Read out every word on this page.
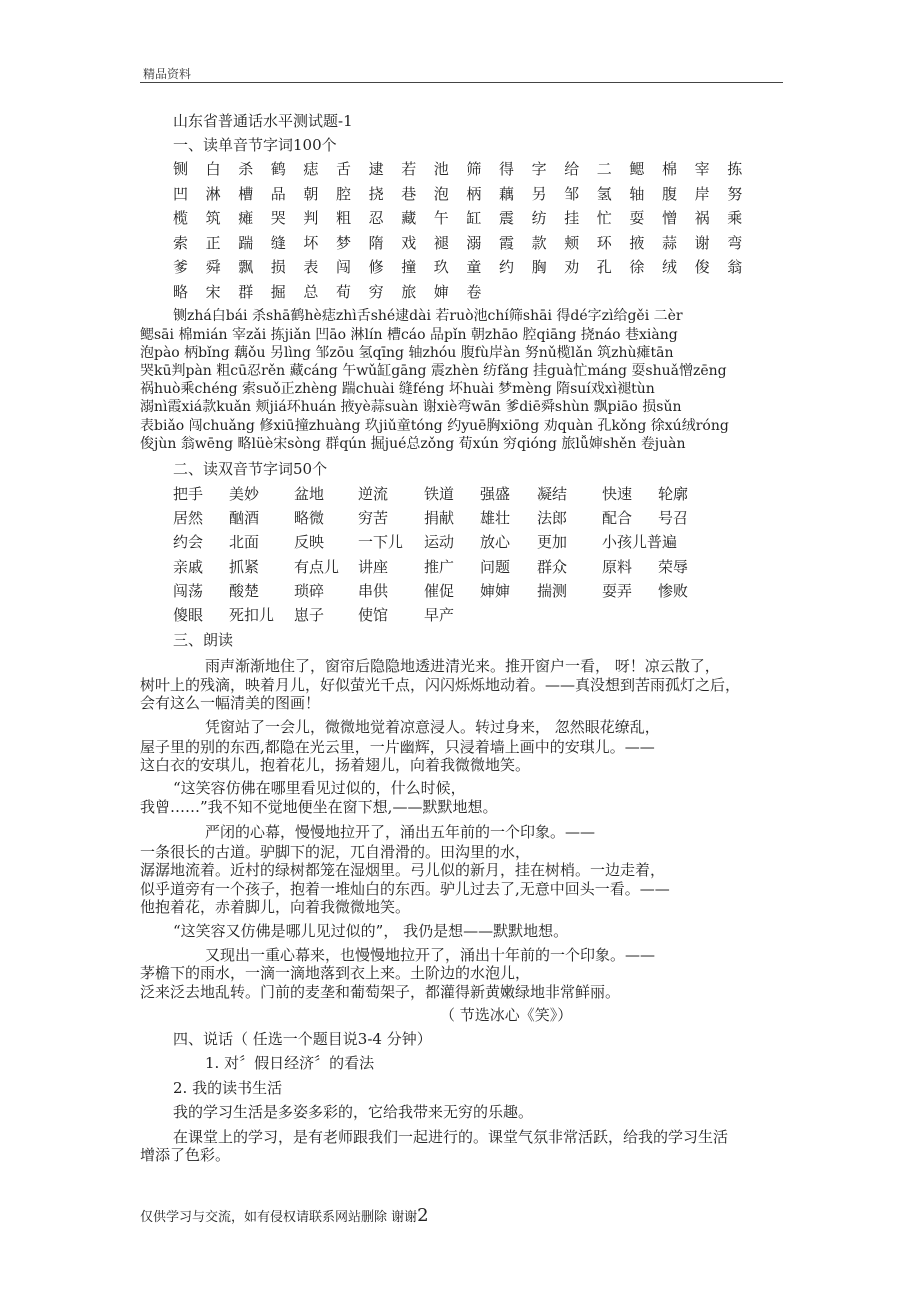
精品资料
山东省普通话水平测试题-1
一、读单音节字词100个
铡 白 杀 鹤 痣 舌 逮 若 池 筛 得 字 给 二 鳃 棉 宰 拣
凹 淋 槽 品 朝 腔 挠 巷 泡 柄 藕 另 邹 氢 轴 腹 岸 努
榄 筑 瘫 哭 判 粗 忍 藏 午 缸 震 纺 挂 忙 耍 憎 祸 乘
索 正 踹 缝 坏 梦 隋 戏 褪 溺 霞 款 颊 环 掖 蒜 谢 弯
爹 舜 飘 损 表 闯 修 撞 玖 童 约 胸 劝 孔 徐 绒 俊 翁
略 宋 群 掘 总 荀 穷 旅 婶 卷
铡zhá白bái 杀shā鹤hè痣zhì舌shé逮dài 若ruò池chí筛shāi 得dé字zì给gěi 二èr
鳃sāi 棉mián 宰zǎi 拣jiǎn 凹āo 淋lín 槽cáo 品pǐn 朝zhāo 腔qiāng 挠náo 巷xiàng
泡pào 柄bǐng 藕ǒu 另lìng 邹zōu 氢qīng 轴zhóu 腹fù岸àn 努nǔ榄lǎn 筑zhù瘫tān
哭kū判pàn 粗cū忍rěn 藏cáng 午wǔ缸gāng 震zhèn 纺fǎng 挂guà忙máng 耍shuǎ憎zēng
祸huò乘chéng 索suǒ正zhèng 踹chuài 缝féng 坏huài 梦mèng 隋suí戏xì褪tùn
溺nì霞xiá款kuǎn 颊jiá环huán 掖yè蒜suàn 谢xiè弯wān 爹diē舜shùn 飘piāo 损sǔn
表biǎo 闯chuǎng 修xiū撞zhuàng 玖jiǔ童tóng 约yuē胸xiōng 劝quàn 孔kǒng 徐xú绒róng
俊jùn 翁wēng 略lüè宋sòng 群qún 掘jué总zǒng 荀xún 穷qióng 旅lǚ婶shěn 卷juàn
二、读双音节字词50个
把手 美妙 盆地 逆流 铁道 强盛 凝结 快速 轮廓
居然 酗酒 略微 穷苦 捐献 雄壮 法郎 配合 号召
约会 北面 反映 一下儿 运动 放心 更加 小孩儿普遍
亲戚 抓紧 有点儿 讲座 推广 问题 群众 原料 荣辱
闯荡 酸楚 琐碎 串供 催促 婶婶 揣测 耍弄 惨败
傻眼 死扣儿 崽子 使馆 早产
三、朗读
雨声渐渐地住了，窗帘后隐隐地透进清光来。推开窗户一看， 呀！凉云散了，
树叶上的残滴，映着月儿，好似萤光千点，闪闪烁烁地动着。——真没想到苦雨孤灯之后，
会有这么一幅清美的图画！
凭窗站了一会儿，微微地觉着凉意浸人。转过身来， 忽然眼花缭乱，
屋子里的别的东西,都隐在光云里，一片幽辉，只浸着墙上画中的安琪儿。——
这白衣的安琪儿，抱着花儿，扬着翅儿，向着我微微地笑。
“这笑容仿佛在哪里看见过似的，什么时候，
我曾……”我不知不觉地便坐在窗下想,——默默地想。
严闭的心幕，慢慢地拉开了，涌出五年前的一个印象。——
一条很长的古道。驴脚下的泥，兀自滑滑的。田沟里的水，
潺潺地流着。近村的绿树都笼在湿烟里。弓儿似的新月，挂在树梢。一边走着，
似乎道旁有一个孩子，抱着一堆灿白的东西。驴儿过去了,无意中回头一看。——
他抱着花，赤着脚儿，向着我微微地笑。
“这笑容又仿佛是哪儿见过似的”， 我仍是想——默默地想。
又现出一重心幕来，也慢慢地拉开了，涌出十年前的一个印象。——
茅檐下的雨水，一滴一滴地落到衣上来。土阶边的水泡儿，
泛来泛去地乱转。门前的麦垄和葡萄架子，都灌得新黄嫩绿地非常鲜丽。
（ 节选冰心《笑》）
四、说话（ 任选一个题目说3-4 分钟）
1. 对〞假日经济〞的看法
2. 我的读书生活
我的学习生活是多姿多彩的，它给我带来无穷的乐趣。
在课堂上的学习，是有老师跟我们一起进行的。课堂气氛非常活跃，给我的学习生活
增添了色彩。
仅供学习与交流，如有侵权请联系网站删除 谢谢2
